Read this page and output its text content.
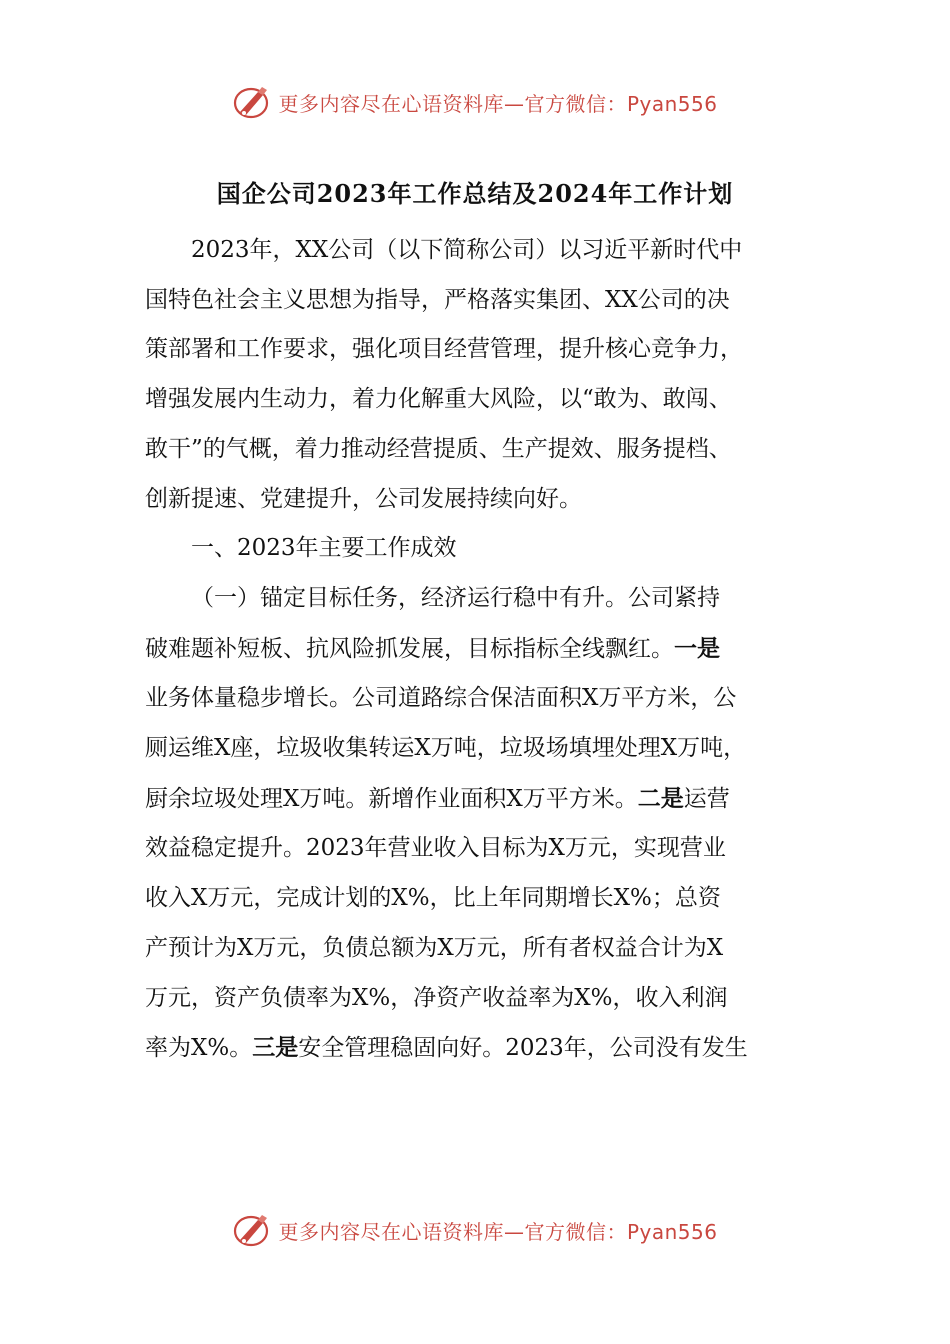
更多内容尽在心语资料库—官方微信：Pyan556
国企公司2023年工作总结及2024年工作计划

2023年，XX公司（以下简称公司）以习近平新时代中

国特色社会主义思想为指导，严格落实集团、XX公司的决

策部署和工作要求，强化项目经营管理，提升核心竞争力，

增强发展内生动力，着力化解重大风险，以“敢为、敢闯、

敢干”的气概，着力推动经营提质、生产提效、服务提档、

创新提速、党建提升，公司发展持续向好。

一、2023年主要工作成效

（一）锚定目标任务，经济运行稳中有升。公司紧持

破难题补短板、抗风险抓发展，目标指标全线飘红。一是

业务体量稳步增长。公司道路综合保洁面积X万平方米，公

厕运维X座，垃圾收集转运X万吨，垃圾场填埋处理X万吨，

厨余垃圾处理X万吨。新增作业面积X万平方米。二是运营

效益稳定提升。2023年营业收入目标为X万元，实现营业

收入X万元，完成计划的X%，比上年同期增长X%；总资

产预计为X万元，负债总额为X万元，所有者权益合计为X

万元，资产负债率为X%，净资产收益率为X%，收入利润

率为X%。三是安全管理稳固向好。2023年，公司没有发生

更多内容尽在心语资料库—官方微信：Pyan556
